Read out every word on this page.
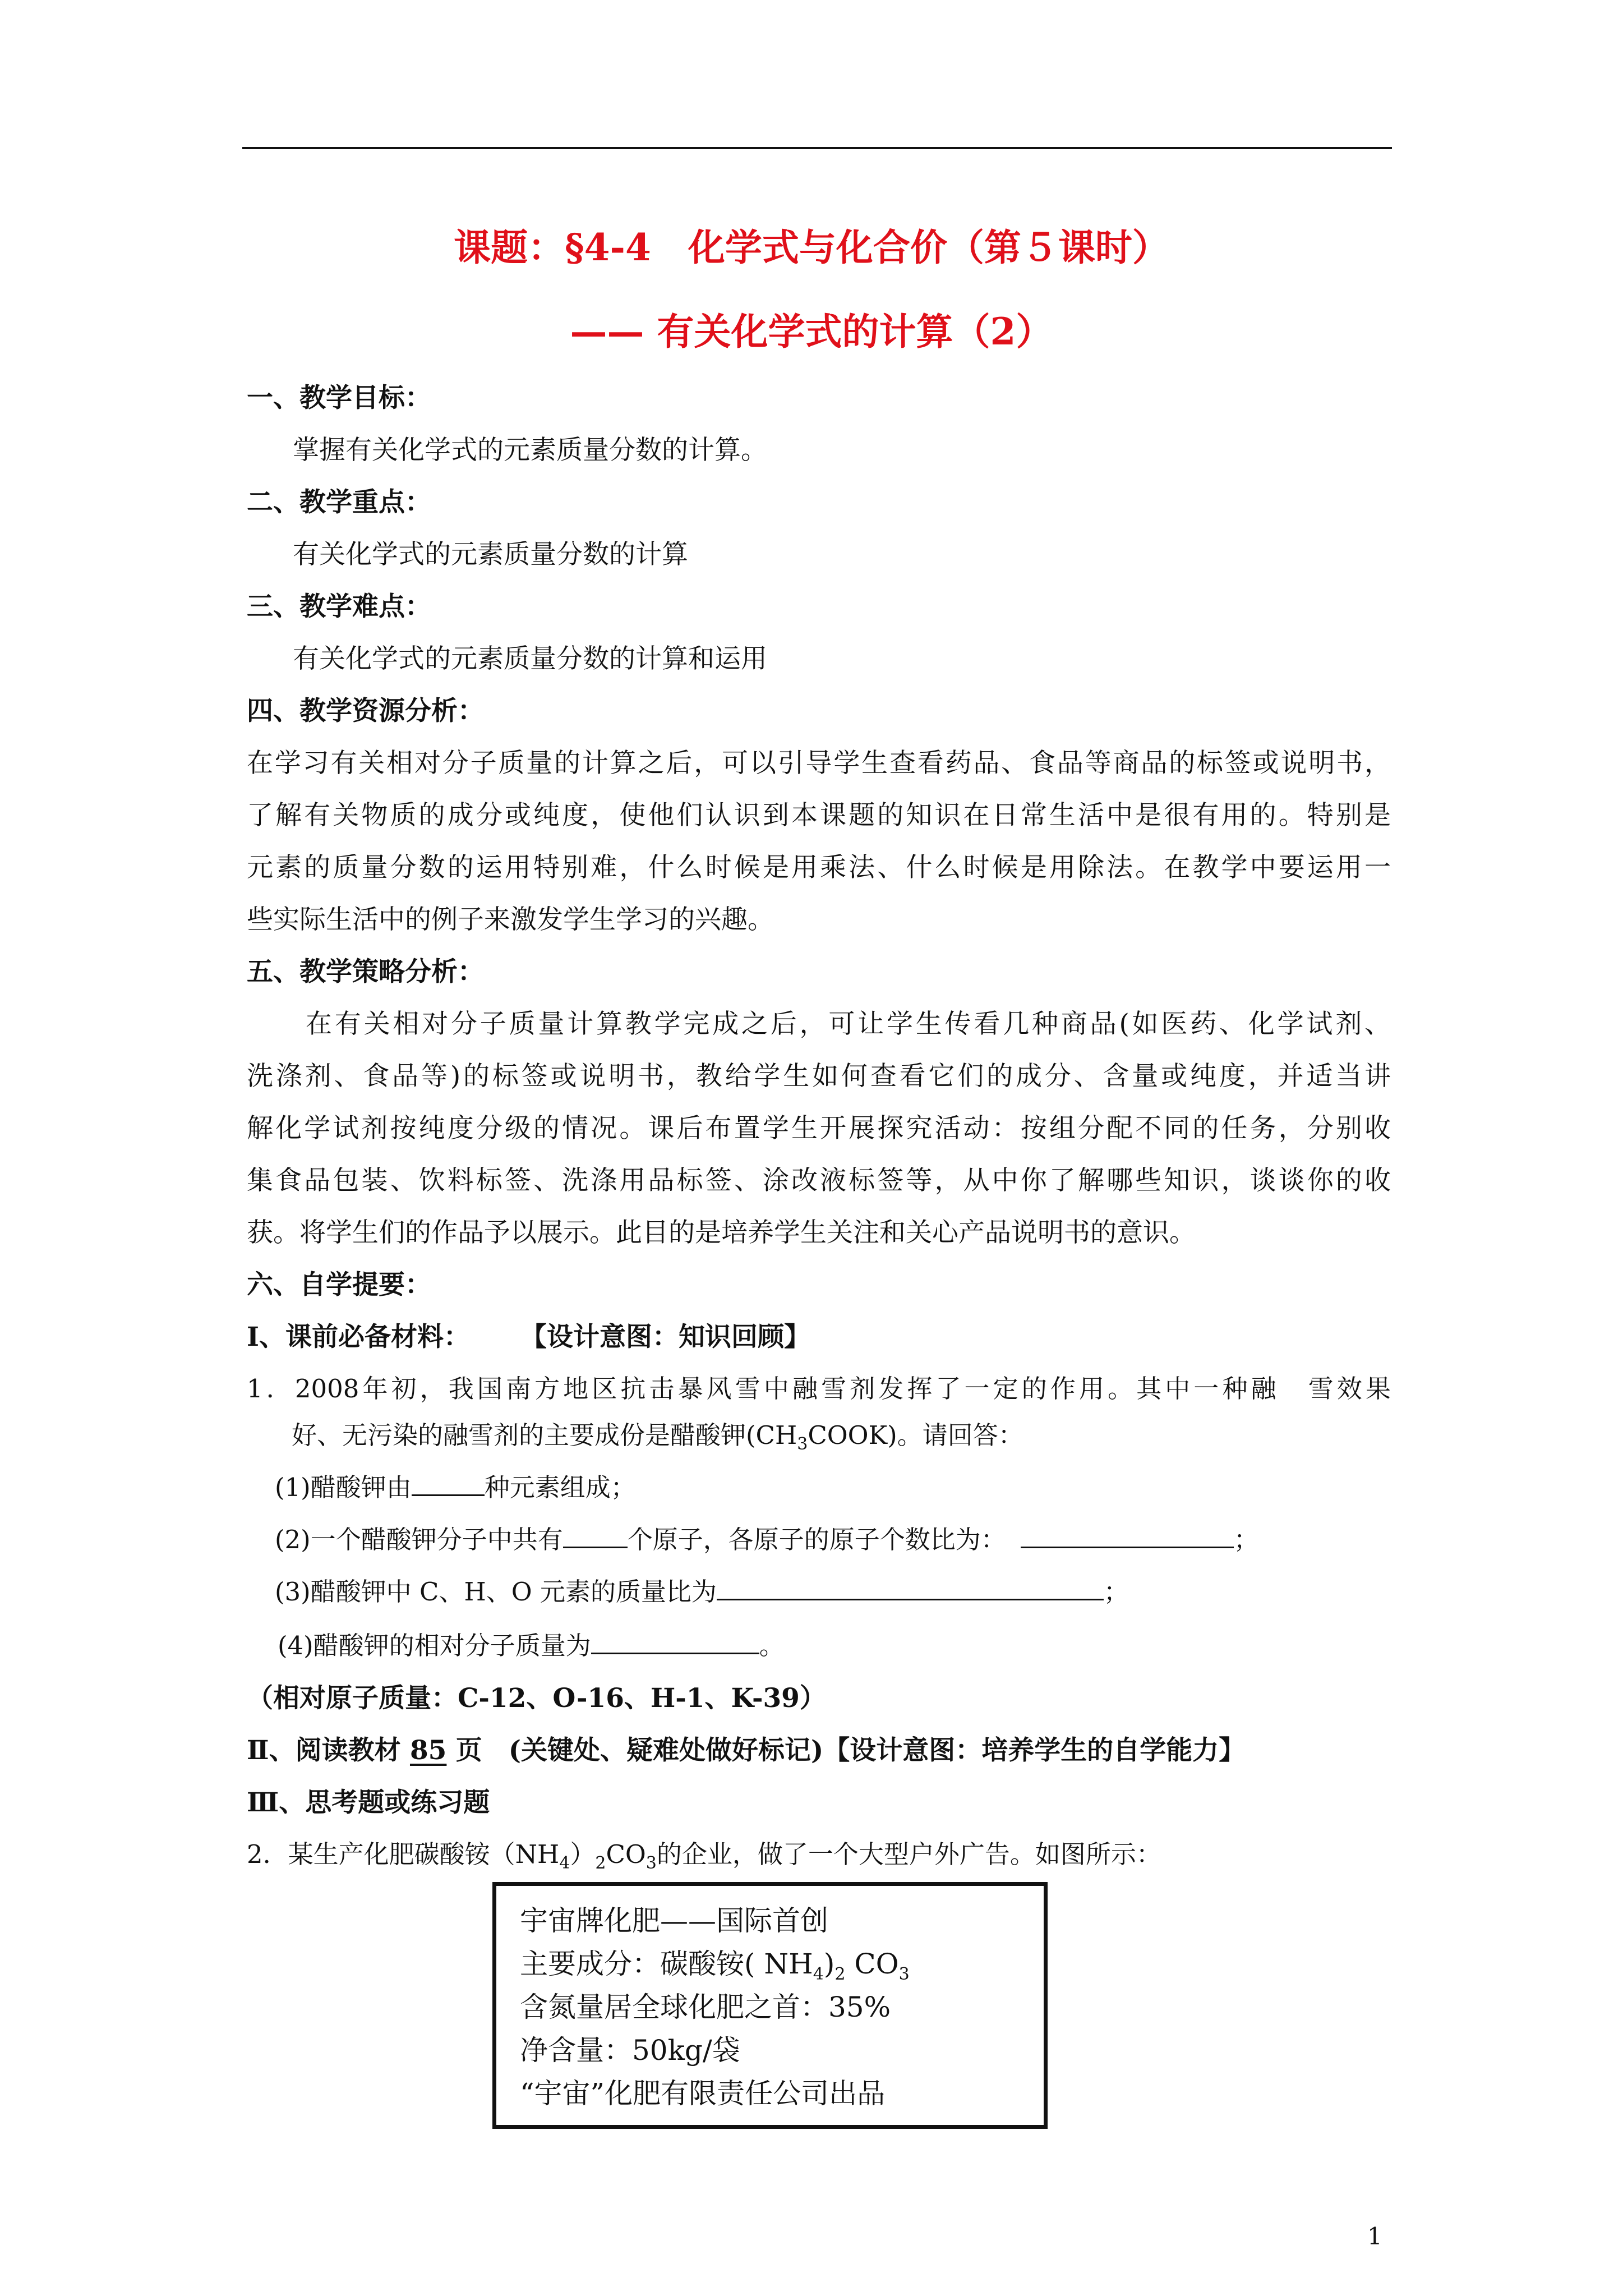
课题：§4-4　化学式与化合价（第５课时）
—— 有关化学式的计算（2）
一、教学目标：
掌握有关化学式的元素质量分数的计算。
二、教学重点：
有关化学式的元素质量分数的计算
三、教学难点：
有关化学式的元素质量分数的计算和运用
四、教学资源分析：
在学习有关相对分子质量的计算之后，可以引导学生查看药品、食品等商品的标签或说明书，
了解有关物质的成分或纯度，使他们认识到本课题的知识在日常生活中是很有用的。特别是
元素的质量分数的运用特别难，什么时候是用乘法、什么时候是用除法。在教学中要运用一
些实际生活中的例子来激发学生学习的兴趣。
五、教学策略分析：
在有关相对分子质量计算教学完成之后，可让学生传看几种商品(如医药、化学试剂、
洗涤剂、食品等)的标签或说明书，教给学生如何查看它们的成分、含量或纯度，并适当讲
解化学试剂按纯度分级的情况。课后布置学生开展探究活动：按组分配不同的任务，分别收
集食品包装、饮料标签、洗涤用品标签、涂改液标签等，从中你了解哪些知识，谈谈你的收
获。将学生们的作品予以展示。此目的是培养学生关注和关心产品说明书的意识。
六、自学提要：
Ⅰ、课前必备材料： 【设计意图：知识回顾】
1．2008年初，我国南方地区抗击暴风雪中融雪剂发挥了一定的作用。其中一种融　雪效果
好、无污染的融雪剂的主要成份是醋酸钾$(CH_3COOK)$。请回答：
(1)醋酸钾由	种元素组成；
(2)一个醋酸钾分子中共有	个原子，各原子的原子个数比为：	；
(3)醋酸钾中 C、H、O 元素的质量比为	；
(4)醋酸钾的相对分子质量为	。
（相对原子质量：C-12、O-16、H-1、K-39）
Ⅱ、阅读教材 85 页　(关键处、疑难处做好标记)【设计意图：培养学生的自学能力】
Ⅲ、思考题或练习题
2．某生产化肥碳酸铵$(NH_4)_2CO_3$的企业，做了一个大型户外广告。如图所示：
宇宙牌化肥——国际首创
主要成分：碳酸铵( $NH_4)_2$ $CO_3$
含氮量居全球化肥之首：35%
净含量：50kg/袋
“宇宙”化肥有限责任公司出品
1
